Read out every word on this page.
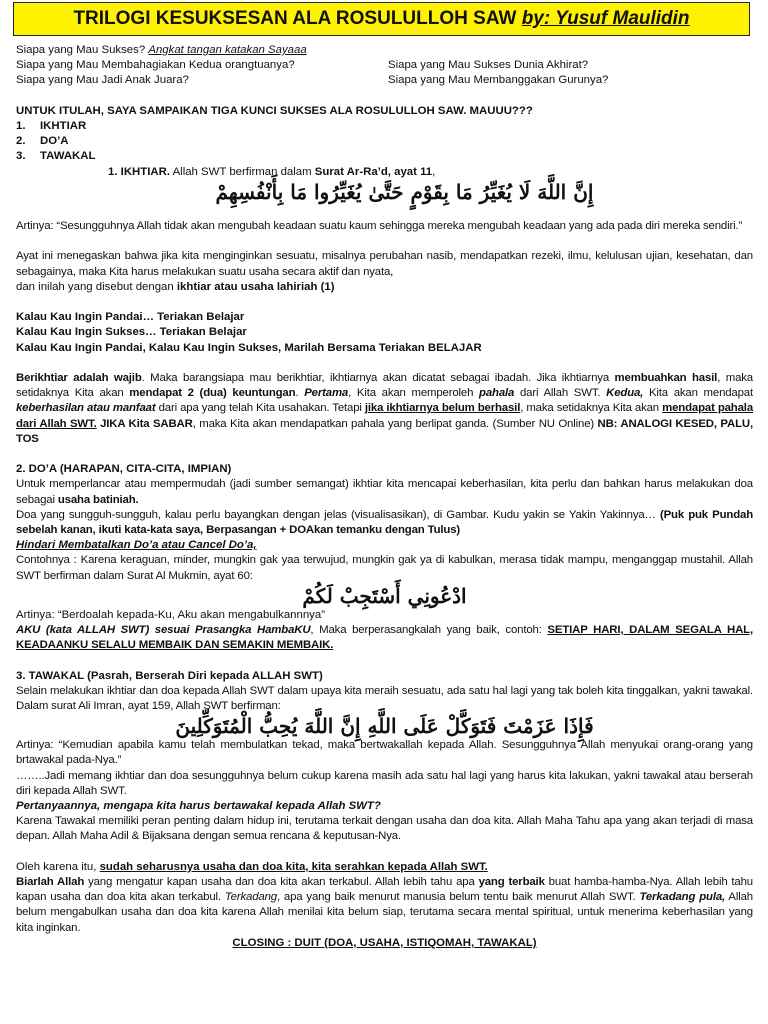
TRILOGI KESUKSESAN ALA ROSULULLOH SAW by: Yusuf Maulidin
Siapa yang Mau Sukses? Angkat tangan katakan Sayaaa
Siapa yang Mau Membahagiakan Kedua orangtuanya?	Siapa yang Mau Sukses Dunia Akhirat?
Siapa yang Mau Jadi Anak Juara?	Siapa yang Mau Membanggakan Gurunya?
UNTUK ITULAH, SAYA SAMPAIKAN TIGA KUNCI SUKSES ALA ROSULULLOH SAW. MAUUU???
1. IKHTIAR
2. DO’A
3. TAWAKAL
1. IKHTIAR. Allah SWT berfirman dalam Surat Ar-Ra’d, ayat 11,
إِنَّ اللَّهَ لَا يُغَيِّرُ مَا بِقَوْمٍ حَتَّىٰ يُغَيِّرُوا مَا بِأَنْفُسِهِمْ
Artinya: “Sesungguhnya Allah tidak akan mengubah keadaan suatu kaum sehingga mereka mengubah keadaan yang ada pada diri mereka sendiri.”
Ayat ini menegaskan bahwa jika kita menginginkan sesuatu, misalnya perubahan nasib, mendapatkan rezeki, ilmu, kelulusan ujian, kesehatan, dan sebagainya, maka Kita harus melakukan suatu usaha secara aktif dan nyata,
dan inilah yang disebut dengan ikhtiar atau usaha lahiriah (1)
Kalau Kau Ingin Pandai… Teriakan Belajar
Kalau Kau Ingin Sukses… Teriakan Belajar
Kalau Kau Ingin Pandai, Kalau Kau Ingin Sukses, Marilah Bersama Teriakan BELAJAR
Berikhtiar adalah wajib. Maka barangsiapa mau berikhtiar, ikhtiarnya akan dicatat sebagai ibadah. Jika ikhtiarnya membuahkan hasil, maka setidaknya Kita akan mendapat 2 (dua) keuntungan. Pertama, Kita akan memperoleh pahala dari Allah SWT. Kedua, Kita akan mendapat keberhasilan atau manfaat dari apa yang telah Kita usahakan. Tetapi jika ikhtiarnya belum berhasil, maka setidaknya Kita akan mendapat pahala dari Allah SWT. JIKA Kita SABAR, maka Kita akan mendapatkan pahala yang berlipat ganda. (Sumber NU Online) NB: ANALOGI KESED, PALU, TOS
2. DO’A (HARAPAN, CITA-CITA, IMPIAN)
Untuk memperlancar atau mempermudah (jadi sumber semangat) ikhtiar kita mencapai keberhasilan, kita perlu dan bahkan harus melakukan doa sebagai usaha batiniah.
Doa yang sungguh-sungguh, kalau perlu bayangkan dengan jelas (visualisasikan), di Gambar. Kudu yakin se Yakin Yakinnya… (Puk puk Pundah sebelah kanan, ikuti kata-kata saya, Berpasangan + DOAkan temanku dengan Tulus)
Hindari Membatalkan Do’a atau Cancel Do’a,
Contohnya : Karena keraguan, minder, mungkin gak yaa terwujud, mungkin gak ya di kabulkan, merasa tidak mampu, menganggap mustahil. Allah SWT berfirman dalam Surat Al Mukmin, ayat 60:
ادْعُونِي أَسْتَجِبْ لَكُمْ
Artinya: “Berdoalah kepada-Ku, Aku akan mengabulkannnya”
AKU (kata ALLAH SWT) sesuai Prasangka HambaKU, Maka berperasangkalah yang baik, contoh: SETIAP HARI, DALAM SEGALA HAL, KEADAANKU SELALU MEMBAIK DAN SEMAKIN MEMBAIK.
3. TAWAKAL (Pasrah, Berserah Diri kepada ALLAH SWT)
Selain melakukan ikhtiar dan doa kepada Allah SWT dalam upaya kita meraih sesuatu, ada satu hal lagi yang tak boleh kita tinggalkan, yakni tawakal. Dalam surat Ali Imran, ayat 159, Allah SWT berfirman:
فَإِذَا عَزَمْتَ فَتَوَكَّلْ عَلَى اللَّهِ إِنَّ اللَّهَ يُحِبُّ الْمُتَوَكِّلِينَ
Artinya: “Kemudian apabila kamu telah membulatkan tekad, maka bertwakallah kepada Allah. Sesungguhnya Allah menyukai orang-orang yang brtawakal pada-Nya.”
……..Jadi memang ikhtiar dan doa sesungguhnya belum cukup karena masih ada satu hal lagi yang harus kita lakukan, yakni tawakal atau berserah diri kepada Allah SWT.
Pertanyaannya, mengapa kita harus bertawakal kepada Allah SWT?
Karena Tawakal memiliki peran penting dalam hidup ini, terutama terkait dengan usaha dan doa kita. Allah Maha Tahu apa yang akan terjadi di masa depan. Allah Maha Adil & Bijaksana dengan semua rencana & keputusan-Nya.
Oleh karena itu, sudah seharusnya usaha dan doa kita, kita serahkan kepada Allah SWT.
Biarlah Allah yang mengatur kapan usaha dan doa kita akan terkabul. Allah lebih tahu apa yang terbaik buat hamba-hamba-Nya. Allah lebih tahu kapan usaha dan doa kita akan terkabul. Terkadang, apa yang baik menurut manusia belum tentu baik menurut Allah SWT. Terkadang pula, Allah belum mengabulkan usaha dan doa kita karena Allah menilai kita belum siap, terutama secara mental spiritual, untuk menerima keberhasilan yang kita inginkan.
CLOSING : DUIT (DOA, USAHA, ISTIQOMAH, TAWAKAL)
